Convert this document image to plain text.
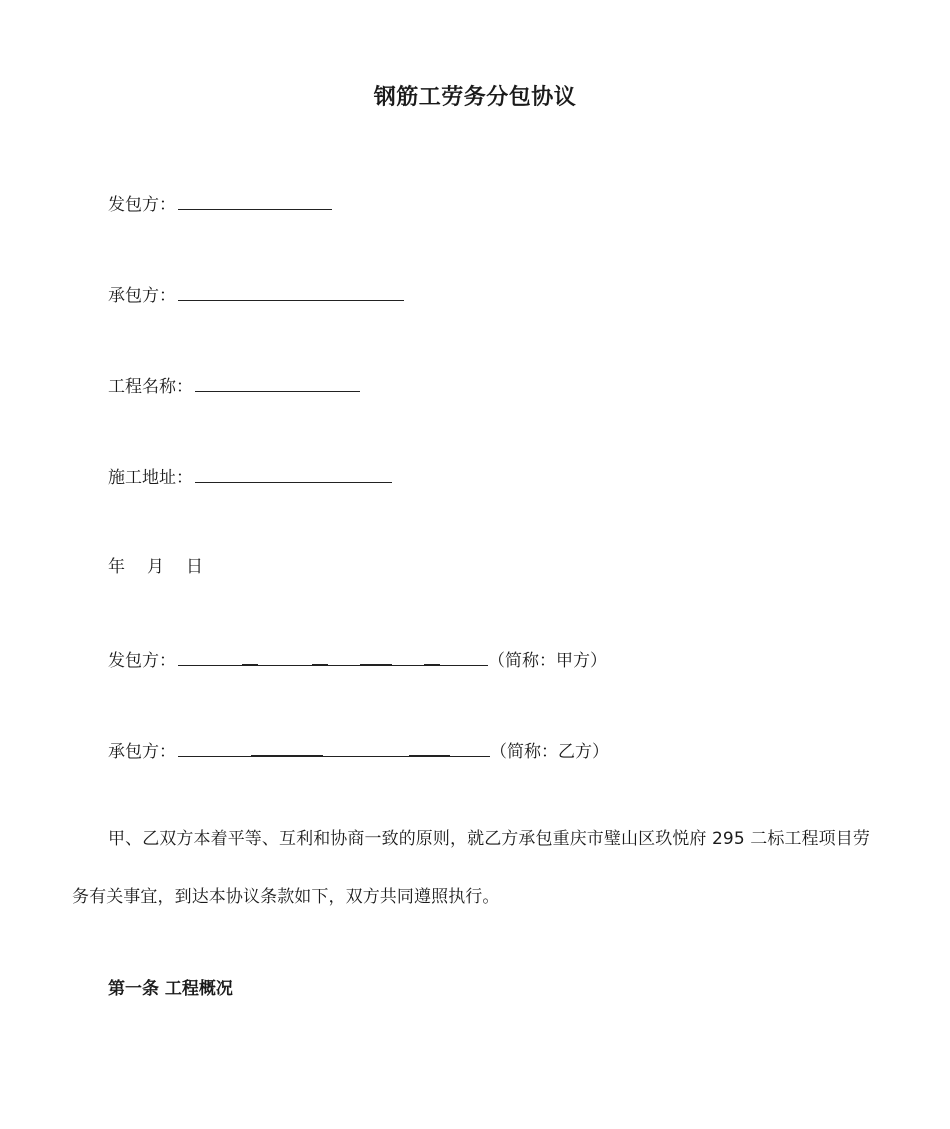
钢筋工劳务分包协议
发包方：
承包方：
工程名称：
施工地址：
年 月 日
发包方：	（简称：甲方）
承包方：	（简称：乙方）
甲、乙双方本着平等、互利和协商一致的原则，就乙方承包重庆市璧山区玖悦府 295 二标工程项目劳务有关事宜，到达本协议条款如下，双方共同遵照执行。
第一条 工程概况
